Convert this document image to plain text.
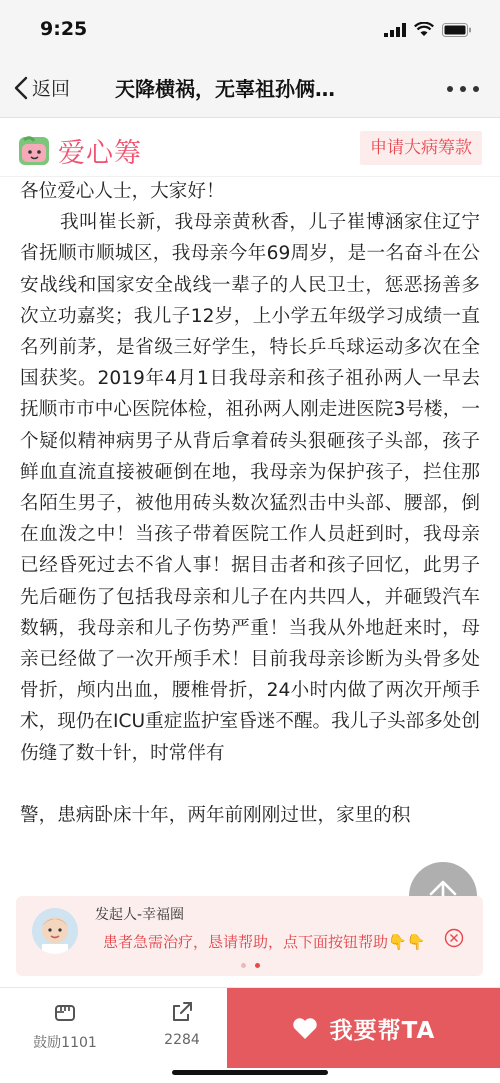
9:25
返回 天降横祸，无辜祖孙俩…
爱心筹	申请大病筹款

各位爱心人士，大家好！

我叫崔长新，我母亲黄秋香，儿子崔博涵家住辽宁省抚顺市顺城区，我母亲今年69周岁，是一名奋斗在公安战线和国家安全战线一辈子的人民卫士，惩恶扬善多次立功嘉奖；我儿子12岁，上小学五年级学习成绩一直名列前茅，是省级三好学生，特长乒乓球运动多次在全国获奖。2019年4月1日我母亲和孩子祖孙两人一早去抚顺市市中心医院体检，祖孙两人刚走进医院3号楼，一个疑似精神病男子从背后拿着砖头狠砸孩子头部，孩子鲜血直流直接被砸倒在地，我母亲为保护孩子，拦住那名陌生男子，被他用砖头数次猛烈击中头部、腰部，倒在血泼之中！当孩子带着医院工作人员赶到时，我母亲已经昏死过去不省人事！据目击者和孩子回忆，此男子先后砸伤了包括我母亲和儿子在内共四人，并砸毁汽车数辆，我母亲和儿子伤势严重！当我从外地赶来时，母亲已经做了一次开颅手术！目前我母亲诊断为头骨多处骨折，颅内出血，腰椎骨折，24小时内做了两次开颅手术，现仍在ICU重症监护室昏迷不醒。我儿子头部多处创伤缝了数十针，时常伴有

警，患病卧床十年，两年前刚刚过世，家里的积

发起人-幸福圈
患者急需治疗，恳请帮助，点下面按钮帮助👇👇
鼓励1101	2284	我要帮TA
